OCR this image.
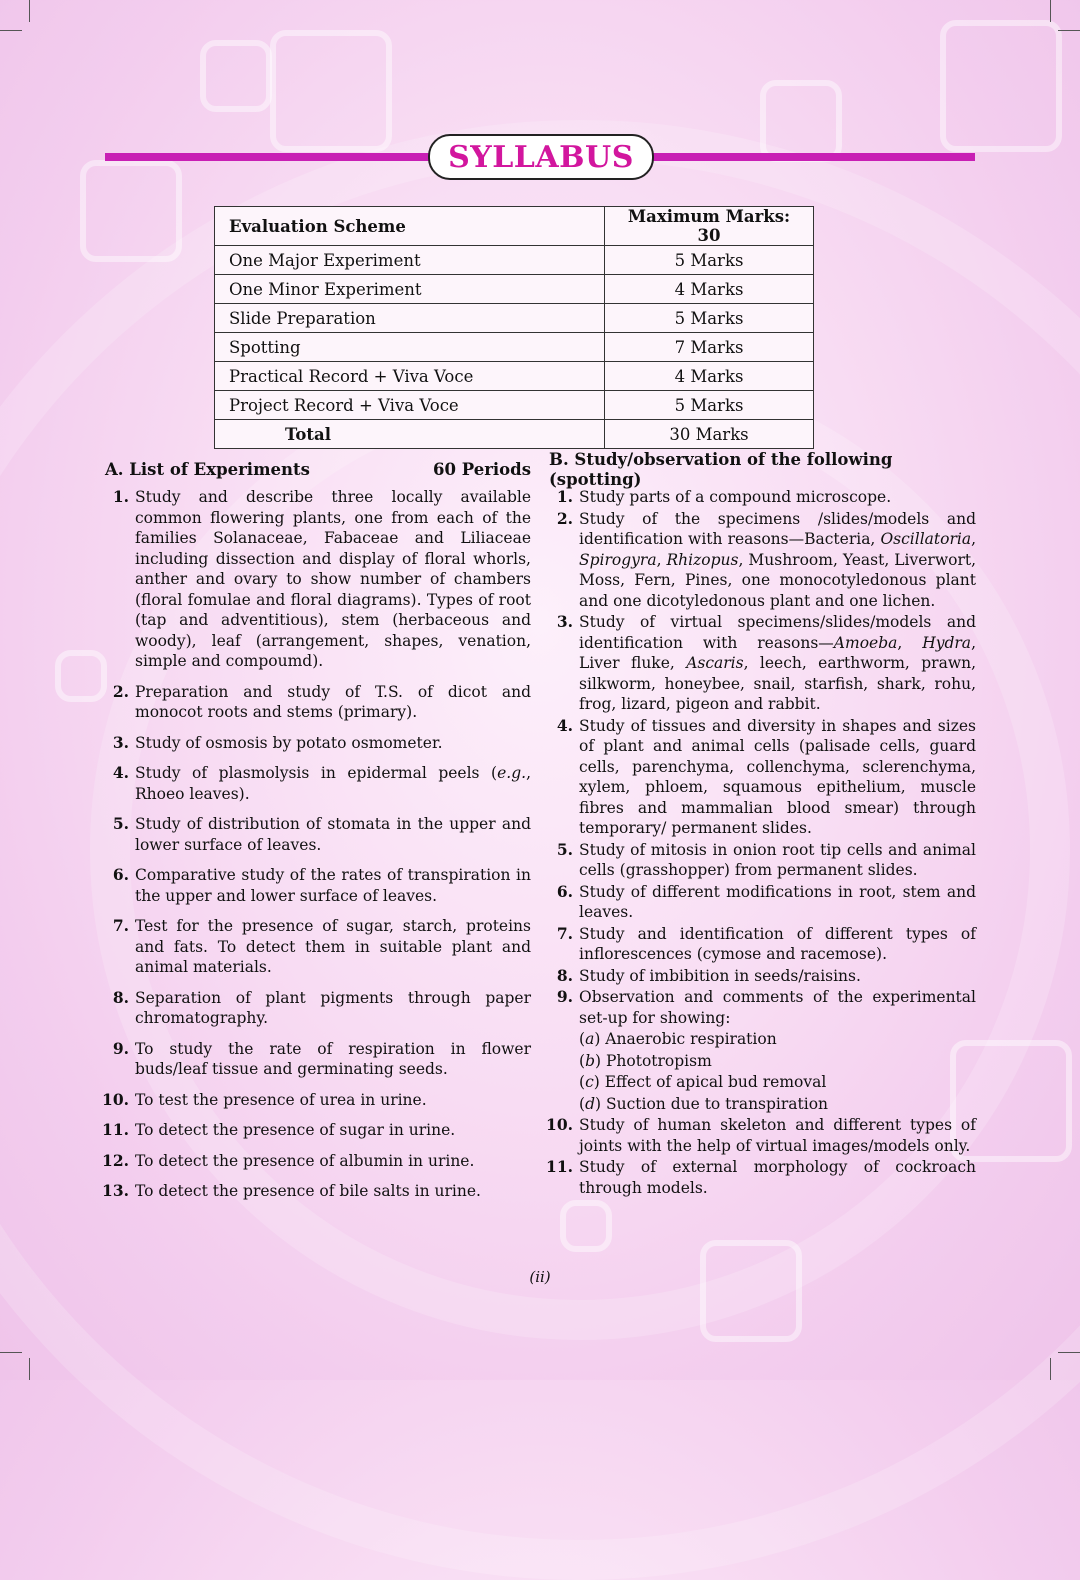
SYLLABUS
Evaluation Scheme	Maximum Marks: 30
One Major Experiment	5 Marks
One Minor Experiment	4 Marks
Slide Preparation	5 Marks
Spotting	7 Marks
Practical Record + Viva Voce	4 Marks
Project Record + Viva Voce	5 Marks
Total	30 Marks
A. List of Experiments	60 Periods
1. Study and describe three locally available common flowering plants, one from each of the families Solanaceae, Fabaceae and Liliaceae including dissection and display of floral whorls, anther and ovary to show number of chambers (floral fomulae and floral diagrams). Types of root (tap and adventitious), stem (herbaceous and woody), leaf (arrangement, shapes, venation, simple and compoumd).
2. Preparation and study of T.S. of dicot and monocot roots and stems (primary).
3. Study of osmosis by potato osmometer.
4. Study of plasmolysis in epidermal peels (e.g., Rhoeo leaves).
5. Study of distribution of stomata in the upper and lower surface of leaves.
6. Comparative study of the rates of transpiration in the upper and lower surface of leaves.
7. Test for the presence of sugar, starch, proteins and fats. To detect them in suitable plant and animal materials.
8. Separation of plant pigments through paper chromatography.
9. To study the rate of respiration in flower buds/leaf tissue and germinating seeds.
10. To test the presence of urea in urine.
11. To detect the presence of sugar in urine.
12. To detect the presence of albumin in urine.
13. To detect the presence of bile salts in urine.
B. Study/observation of the following (spotting)
1. Study parts of a compound microscope.
2. Study of the specimens /slides/models and identification with reasons—Bacteria, Oscillatoria, Spirogyra, Rhizopus, Mushroom, Yeast, Liverwort, Moss, Fern, Pines, one monocotyledonous plant and one dicotyledonous plant and one lichen.
3. Study of virtual specimens/slides/models and identification with reasons—Amoeba, Hydra, Liver fluke, Ascaris, leech, earthworm, prawn, silkworm, honeybee, snail, starfish, shark, rohu, frog, lizard, pigeon and rabbit.
4. Study of tissues and diversity in shapes and sizes of plant and animal cells (palisade cells, guard cells, parenchyma, collenchyma, sclerenchyma, xylem, phloem, squamous epithelium, muscle fibres and mammalian blood smear) through temporary/ permanent slides.
5. Study of mitosis in onion root tip cells and animal cells (grasshopper) from permanent slides.
6. Study of different modifications in root, stem and leaves.
7. Study and identification of different types of inflorescences (cymose and racemose).
8. Study of imbibition in seeds/raisins.
9. Observation and comments of the experimental set-up for showing:
(a) Anaerobic respiration
(b) Phototropism
(c) Effect of apical bud removal
(d) Suction due to transpiration
10. Study of human skeleton and different types of joints with the help of virtual images/models only.
11. Study of external morphology of cockroach through models.
(ii)
